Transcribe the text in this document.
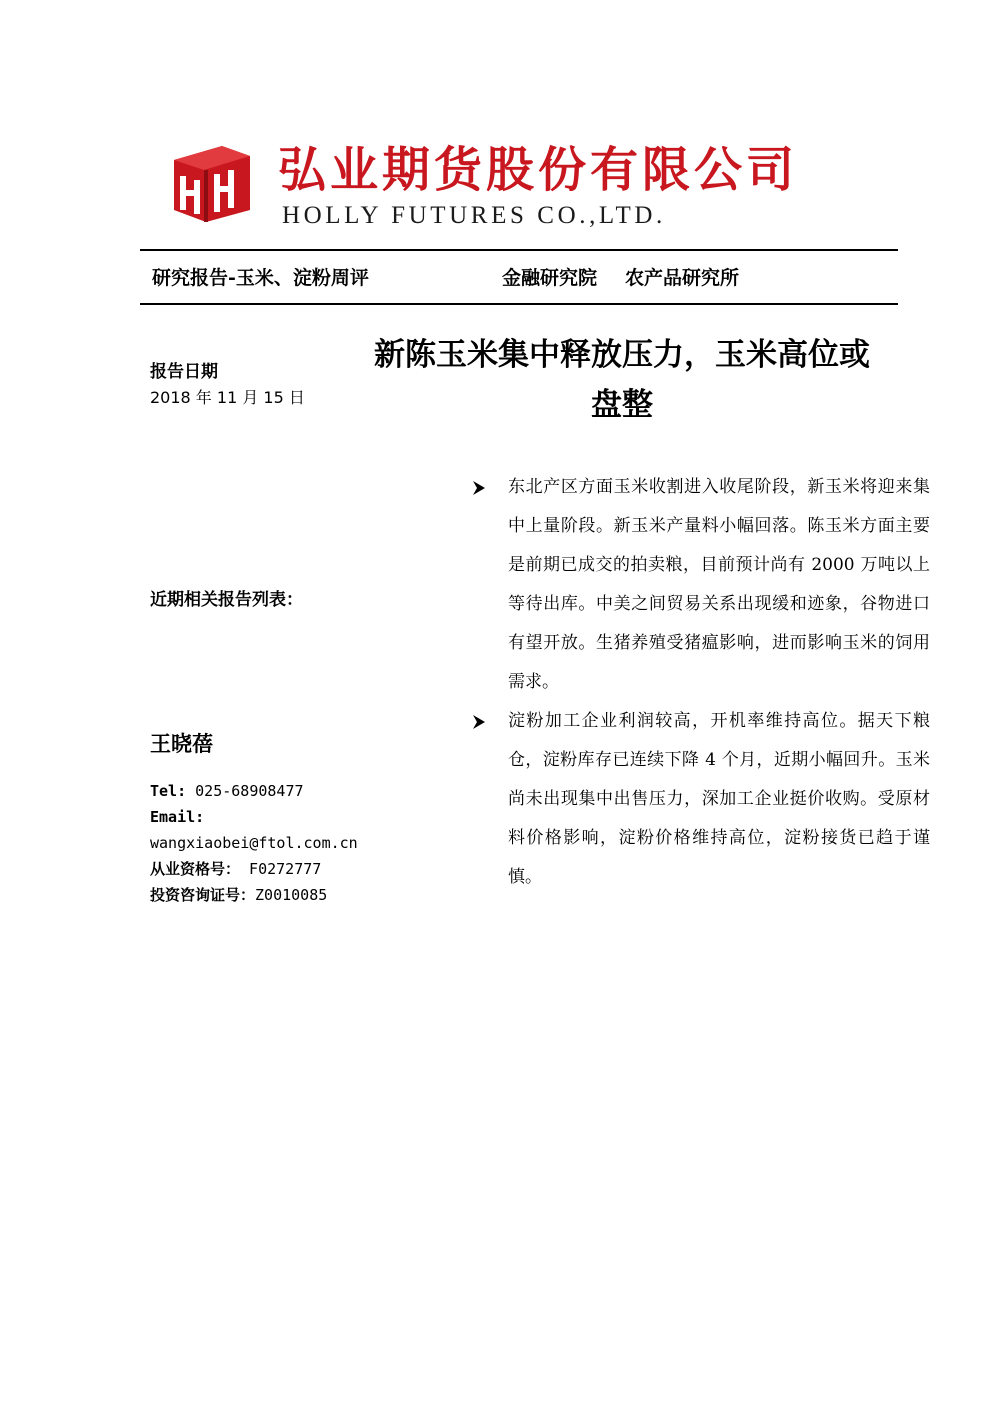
弘业期货股份有限公司
HOLLY FUTURES CO.,LTD.
研究报告-玉米、淀粉周评	金融研究院 农产品研究所
报告日期
2018 年 11 月 15 日
新陈玉米集中释放压力，玉米高位或
盘整
近期相关报告列表：
王晓蓓
Tel: 025-68908477
Email:
wangxiaobei@ftol.com.cn
从业资格号： F0272777
投资咨询证号：Z0010085
东北产区方面玉米收割进入收尾阶段，新玉米将迎来集中上量阶段。新玉米产量料小幅回落。陈玉米方面主要是前期已成交的拍卖粮，目前预计尚有 2000 万吨以上等待出库。中美之间贸易关系出现缓和迹象，谷物进口有望开放。生猪养殖受猪瘟影响，进而影响玉米的饲用需求。
淀粉加工企业利润较高，开机率维持高位。据天下粮仓，淀粉库存已连续下降 4 个月，近期小幅回升。玉米尚未出现集中出售压力，深加工企业挺价收购。受原材料价格影响，淀粉价格维持高位，淀粉接货已趋于谨慎。
